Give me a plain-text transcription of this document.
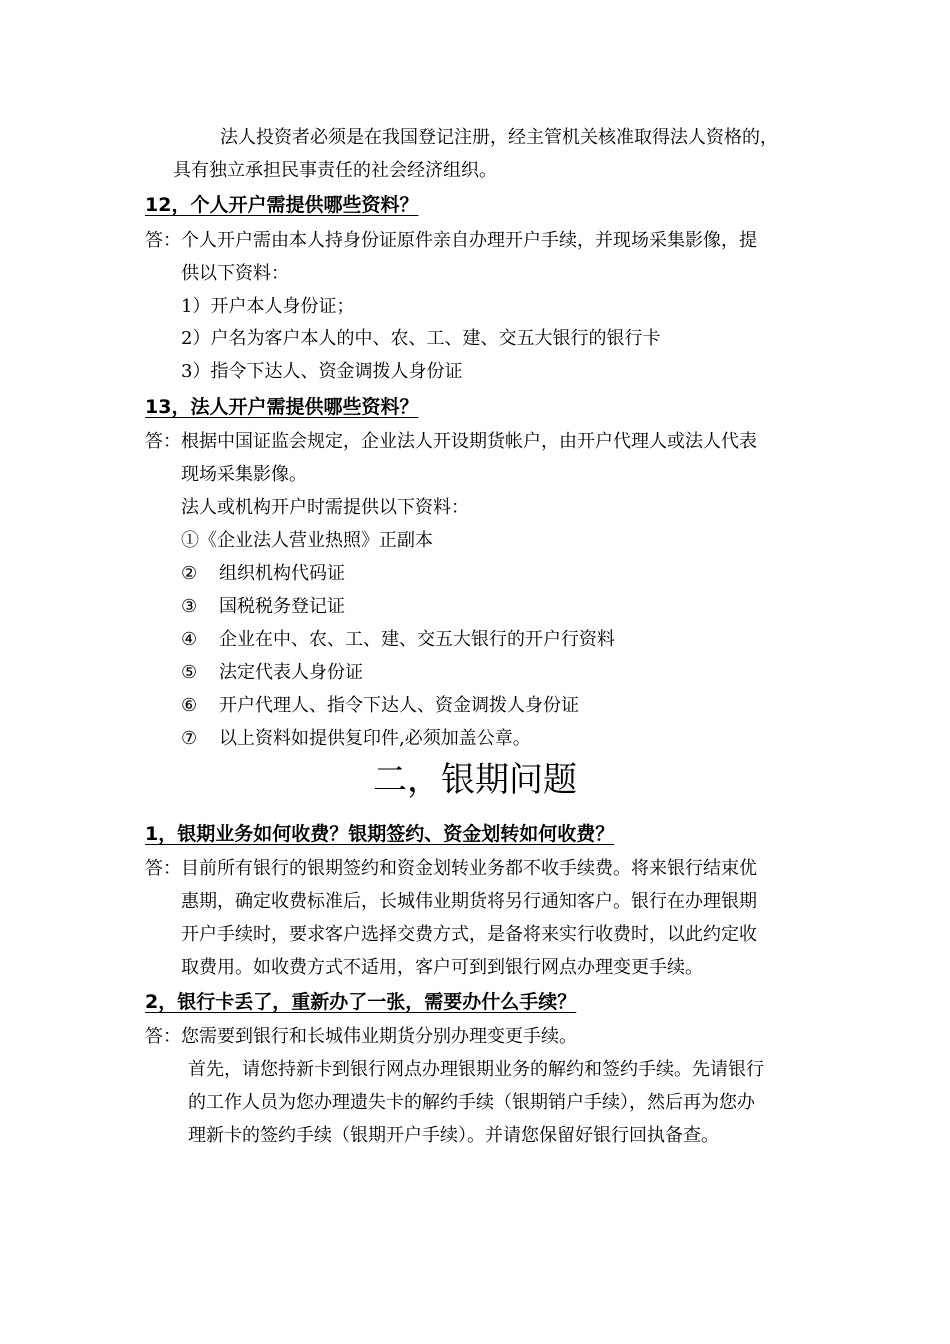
法人投资者必须是在我国登记注册，经主管机关核准取得法人资格的，
具有独立承担民事责任的社会经济组织。
12，个人开户需提供哪些资料？
答：个人开户需由本人持身份证原件亲自办理开户手续，并现场采集影像，提
供以下资料：
1）开户本人身份证；
2）户名为客户本人的中、农、工、建、交五大银行的银行卡
3）指令下达人、资金调拨人身份证
13，法人开户需提供哪些资料？
答：根据中国证监会规定，企业法人开设期货帐户，由开户代理人或法人代表
现场采集影像。
法人或机构开户时需提供以下资料：
①《企业法人营业热照》正副本
② 组织机构代码证
③ 国税税务登记证
④ 企业在中、农、工、建、交五大银行的开户行资料
⑤ 法定代表人身份证
⑥ 开户代理人、指令下达人、资金调拨人身份证
⑦ 以上资料如提供复印件,必须加盖公章。
二，银期问题
1，银期业务如何收费？银期签约、资金划转如何收费？
答：目前所有银行的银期签约和资金划转业务都不收手续费。将来银行结束优
惠期，确定收费标准后，长城伟业期货将另行通知客户。银行在办理银期
开户手续时，要求客户选择交费方式，是备将来实行收费时，以此约定收
取费用。如收费方式不适用，客户可到到银行网点办理变更手续。
2，银行卡丢了，重新办了一张，需要办什么手续？
答：您需要到银行和长城伟业期货分别办理变更手续。
首先，请您持新卡到银行网点办理银期业务的解约和签约手续。先请银行
的工作人员为您办理遗失卡的解约手续（银期销户手续），然后再为您办
理新卡的签约手续（银期开户手续）。并请您保留好银行回执备查。
